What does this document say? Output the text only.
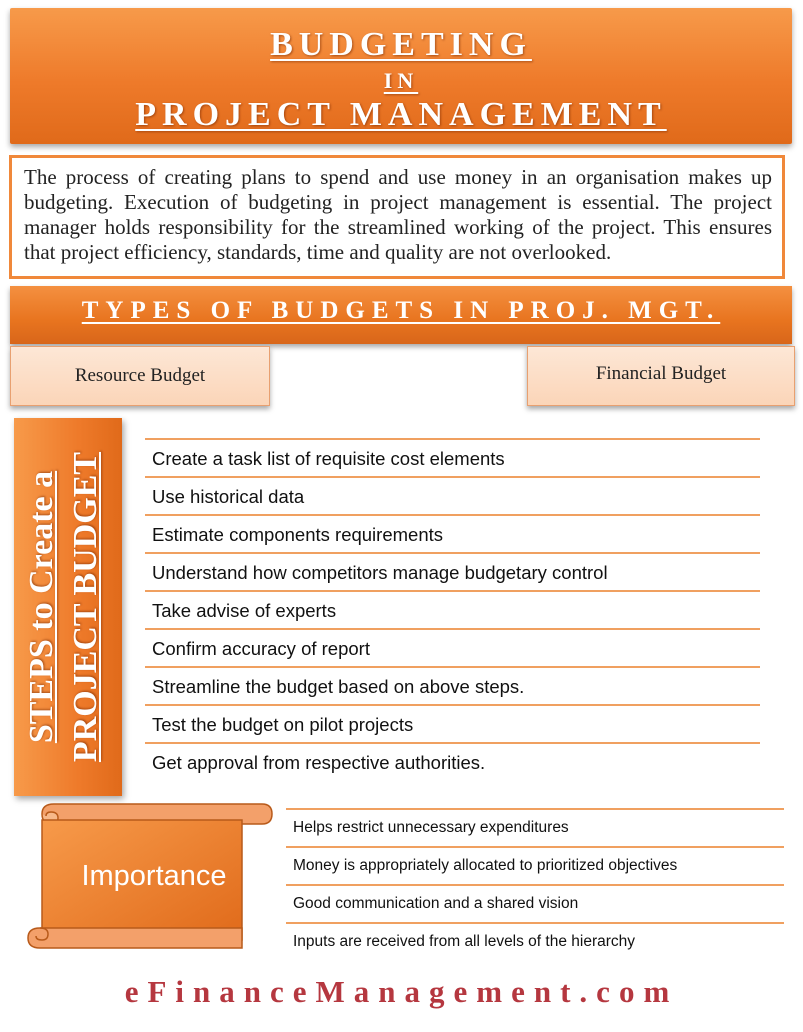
BUDGETING
IN
PROJECT MANAGEMENT

The process of creating plans to spend and use money in an organisation makes up budgeting. Execution of budgeting in project management is essential. The project manager holds responsibility for the streamlined working of the project. This ensures that project efficiency, standards, time and quality are not overlooked.

TYPES OF BUDGETS IN PROJ. MGT.
Resource Budget	Financial Budget
STEPS to Create a PROJECT BUDGET	Create a task list of requisite cost elements
Use historical data
Estimate components requirements
Understand how competitors manage budgetary control
Take advise of experts
Confirm accuracy of report
Streamline the budget based on above steps.
Test the budget on pilot projects
Get approval from respective authorities.
Importance
Helps restrict unnecessary expenditures
Money is appropriately allocated to prioritized objectives
Good communication and a shared vision
Inputs are received from all levels of the hierarchy
eFinanceManagement.com
